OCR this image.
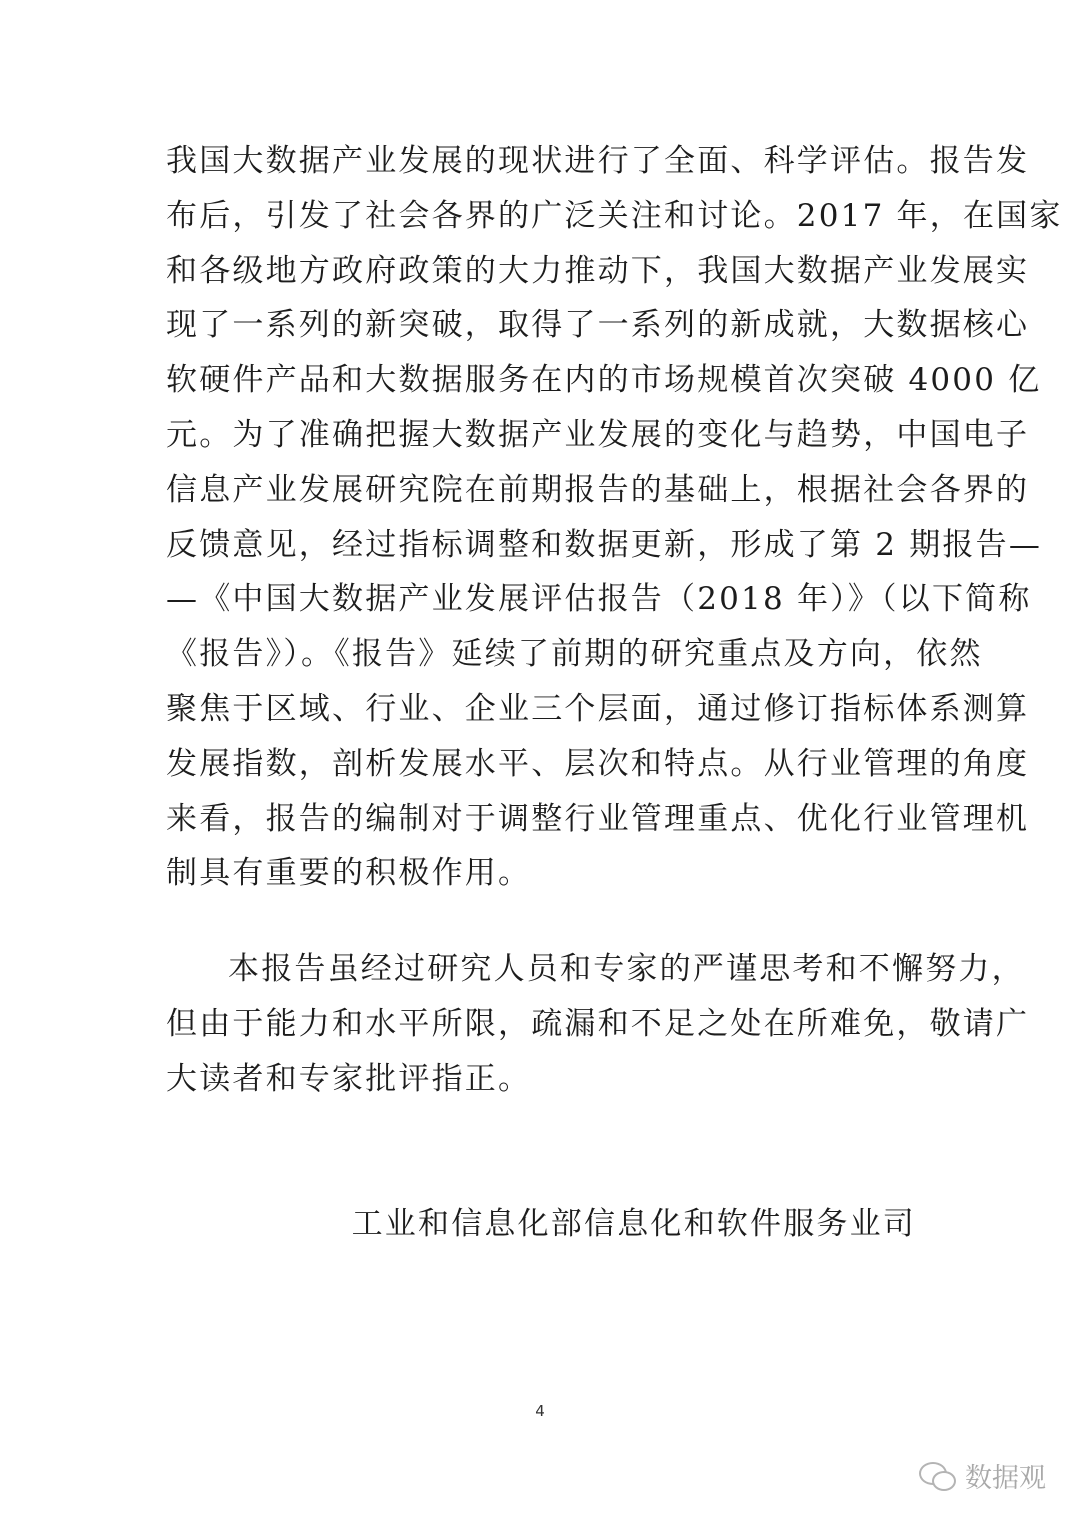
我国大数据产业发展的现状进行了全面、科学评估。报告发
布后，引发了社会各界的广泛关注和讨论。2017 年，在国家
和各级地方政府政策的大力推动下，我国大数据产业发展实
现了一系列的新突破，取得了一系列的新成就，大数据核心
软硬件产品和大数据服务在内的市场规模首次突破 4000 亿
元。为了准确把握大数据产业发展的变化与趋势，中国电子
信息产业发展研究院在前期报告的基础上，根据社会各界的
反馈意见，经过指标调整和数据更新，形成了第 2 期报告—
—《中国大数据产业发展评估报告（2018 年）》（以下简称
《报告》）。《报告》延续了前期的研究重点及方向，依然
聚焦于区域、行业、企业三个层面，通过修订指标体系测算
发展指数，剖析发展水平、层次和特点。从行业管理的角度
来看，报告的编制对于调整行业管理重点、优化行业管理机
制具有重要的积极作用。
本报告虽经过研究人员和专家的严谨思考和不懈努力，
但由于能力和水平所限，疏漏和不足之处在所难免，敬请广
大读者和专家批评指正。
工业和信息化部信息化和软件服务业司
4
数据观
